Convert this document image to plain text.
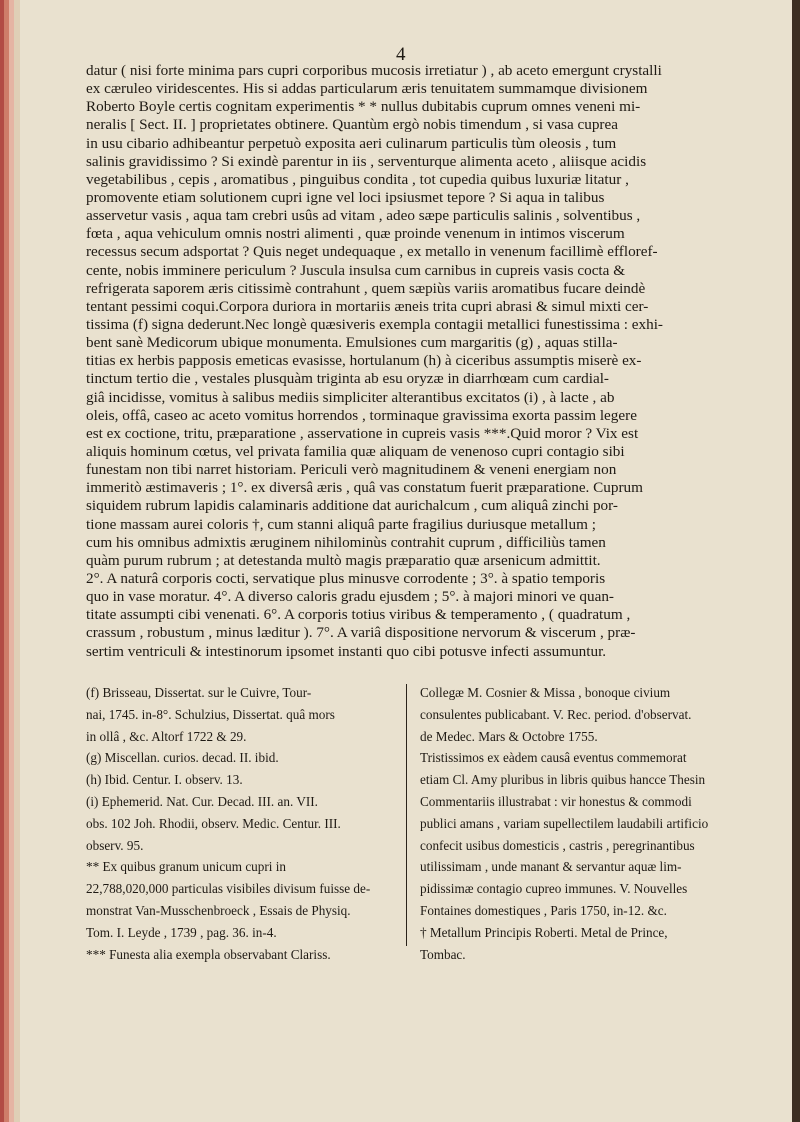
4
datur ( nisi forte minima pars cupri corporibus mucosis irretiatur ) , ab aceto emergunt crystalli
ex cæruleo viridescentes. His si addas particularum æris tenuitatem summamque divisionem
Roberto Boyle certis cognitam experimentis * * nullus dubitabis cuprum omnes veneni mi-
neralis [ Sect. II. ] proprietates obtinere. Quantùm ergò nobis timendum , si vasa cuprea
in usu cibario adhibeantur perpetuò exposita aeri culinarum particulis tùm oleosis , tum
salinis gravidissimo ? Si exindè parentur in iis , serventurque alimenta aceto , aliisque acidis
vegetabilibus , cepis , aromatibus , pinguibus condita , tot cupedia quibus luxuriæ litatur ,
promovente etiam solutionem cupri igne vel loci ipsiusmet tepore ? Si aqua in talibus
asservetur vasis , aqua tam crebri usûs ad vitam , adeo sæpe particulis salinis , solventibus ,
fœta , aqua vehiculum omnis nostri alimenti , quæ proinde venenum in intimos viscerum
recessus secum adsportat ? Quis neget undequaque , ex metallo in venenum facillimè effloref-
cente, nobis imminere periculum ? Juscula insulsa cum carnibus in cupreis vasis cocta &
refrigerata saporem æris citissimè contrahunt , quem sæpiùs variis aromatibus fucare deindè
tentant pessimi coqui.Corpora duriora in mortariis æneis trita cupri abrasi & simul mixti cer-
tissima (f) signa dederunt.Nec longè quæsiveris exempla contagii metallici funestissima : exhi-
bent sanè Medicorum ubique monumenta. Emulsiones cum margaritis (g) , aquas stilla-
titias ex herbis papposis emeticas evasisse, hortulanum (h) à ciceribus assumptis miserè ex-
tinctum tertio die , vestales plusquàm triginta ab esu oryzæ in diarrhœam cum cardial-
giâ incidisse, vomitus à salibus mediis simpliciter alterantibus excitatos (i) , à lacte , ab
oleis, offâ, caseo ac aceto vomitus horrendos , torminaque gravissima exorta passim legere
est ex coctione, tritu, præparatione , asservatione in cupreis vasis ***.Quid moror ? Vix est
aliquis hominum cœtus, vel privata familia quæ aliquam de venenoso cupri contagio sibi
funestam non tibi narret historiam. Periculi verò magnitudinem & veneni energiam non
immeritò æstimaveris ; 1°. ex diversâ æris , quâ vas constatum fuerit præparatione. Cuprum
siquidem rubrum lapidis calaminaris additione dat aurichalcum , cum aliquâ zinchi por-
tione massam aurei coloris †, cum stanni aliquâ parte fragilius duriusque metallum ;
cum his omnibus admixtis æruginem nihilominùs contrahit cuprum , difficiliùs tamen
quàm purum rubrum ; at detestanda multò magis præparatio quæ arsenicum admittit.
2°. A naturâ corporis cocti, servatique plus minusve corrodente ; 3°. à spatio temporis
quo in vase moratur. 4°. A diverso caloris gradu ejusdem ; 5°. à majori minori ve quan-
titate assumpti cibi venenati. 6°. A corporis totius viribus & temperamento , ( quadratum ,
crassum , robustum , minus læditur ). 7°. A variâ dispositione nervorum & viscerum , præ-
sertim ventriculi & intestinorum ipsomet instanti quo cibi potusve infecti assumuntur.
(f) Brisseau, Dissertat. sur le Cuivre, Tour-
nai, 1745. in-8°. Schulzius, Dissertat. quâ mors
in ollâ , &c. Altorf 1722 & 29.
(g) Miscellan. curios. decad. II. ibid.
(h) Ibid. Centur. I. observ. 13.
(i) Ephemerid. Nat. Cur. Decad. III. an. VII.
obs. 102 Joh. Rhodii, observ. Medic. Centur. III.
observ. 95.
** Ex quibus granum unicum cupri in
22,788,020,000 particulas visibiles divisum fuisse de-
monstrat Van-Musschenbroeck , Essais de Physiq.
Tom. I. Leyde , 1739 , pag. 36. in-4.
*** Funesta alia exempla observabant Clariss.
Collegæ M. Cosnier & Missa , bonoque civium
consulentes publicabant. V. Rec. period. d'observat.
de Medec. Mars & Octobre 1755.
Tristissimos ex eàdem causâ eventus commemorat
etiam Cl. Amy pluribus in libris quibus hancce Thesin
Commentariis illustrabat : vir honestus & commodi
publici amans , variam supellectilem laudabili artificio
confecit usibus domesticis , castris , peregrinantibus
utilissimam , unde manant & servantur aquæ lim-
pidissimæ contagio cupreo immunes. V. Nouvelles
Fontaines domestiques , Paris 1750, in-12. &c.
† Metallum Principis Roberti. Metal de Prince,
Tombac.
